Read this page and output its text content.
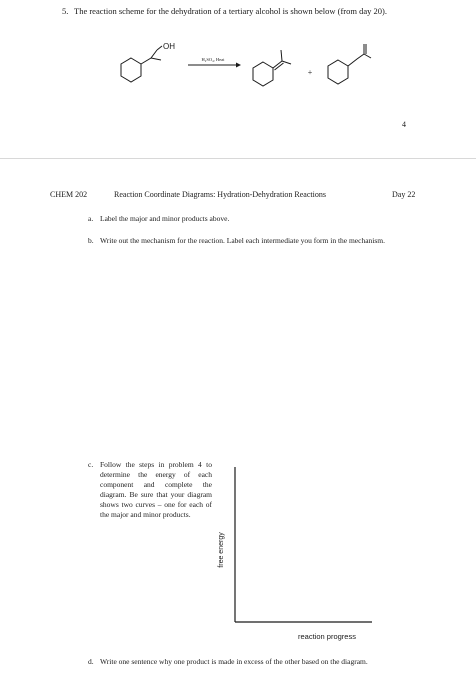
5. The reaction scheme for the dehydration of a tertiary alcohol is shown below (from day 20).
OH
H₂SO₄, Heat
+
4
CHEM 202	Reaction Coordinate Diagrams: Hydration-Dehydration Reactions	Day 22
a. Label the major and minor products above.
b. Write out the mechanism for the reaction. Label each intermediate you form in the mechanism.
c. Follow the steps in problem 4 to determine the energy of each component and complete the diagram. Be sure that your diagram shows two curves – one for each of the major and minor products.
free energy
reaction progress
d. Write one sentence why one product is made in excess of the other based on the diagram.
